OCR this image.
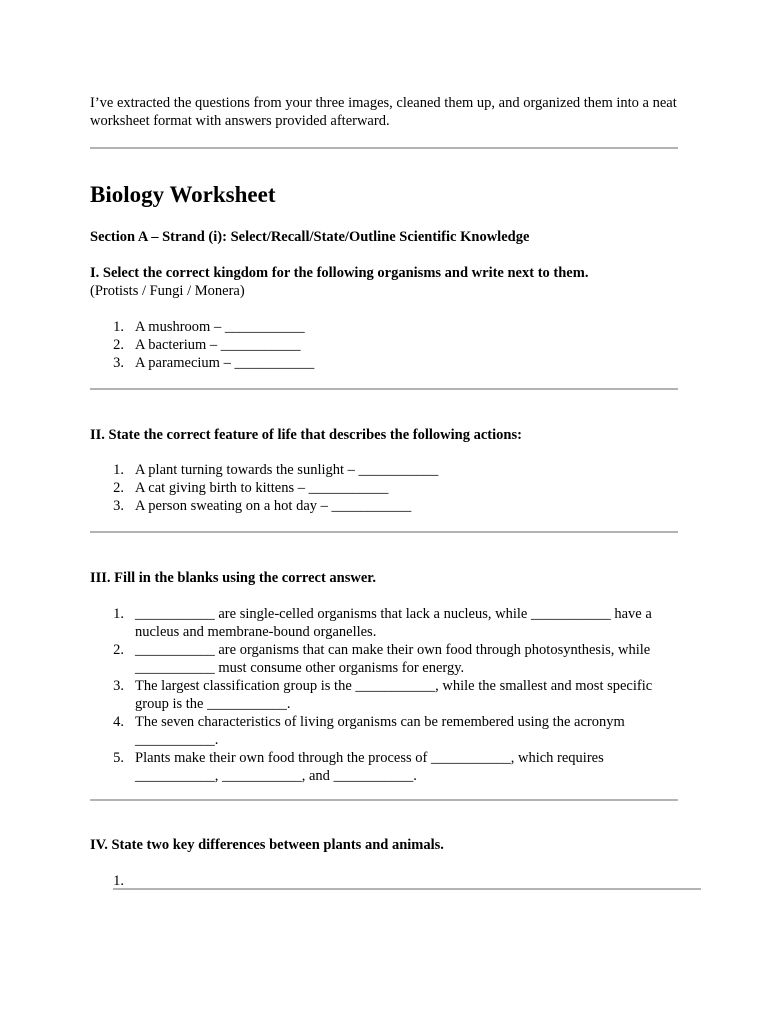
I’ve extracted the questions from your three images, cleaned them up, and organized them into a neat worksheet format with answers provided afterward.

Biology Worksheet

Section A – Strand (i): Select/Recall/State/Outline Scientific Knowledge

I. Select the correct kingdom for the following organisms and write next to them.

(Protists / Fungi / Monera)

1. A mushroom – ___________
2. A bacterium – ___________
3. A paramecium – ___________

II. State the correct feature of life that describes the following actions:

1. A plant turning towards the sunlight – ___________
2. A cat giving birth to kittens – ___________
3. A person sweating on a hot day – ___________

III. Fill in the blanks using the correct answer.

1. ___________ are single-celled organisms that lack a nucleus, while ___________ have a nucleus and membrane-bound organelles.
2. ___________ are organisms that can make their own food through photosynthesis, while ___________ must consume other organisms for energy.
3. The largest classification group is the ___________, while the smallest and most specific group is the ___________.
4. The seven characteristics of living organisms can be remembered using the acronym ___________.
5. Plants make their own food through the process of ___________, which requires ___________, ___________, and ___________.

IV. State two key differences between plants and animals.

1.
